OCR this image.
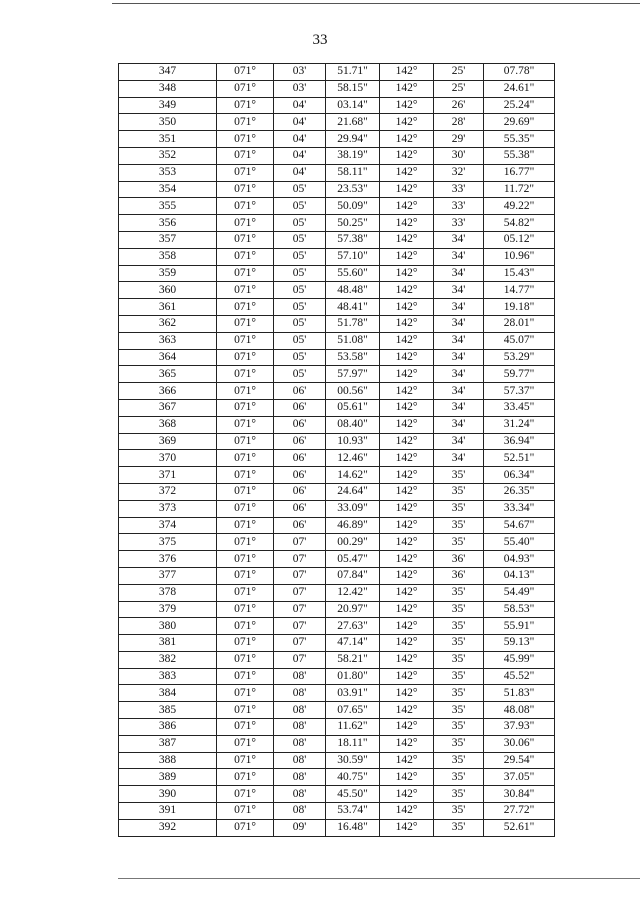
33
347	071°	03'	51.71"	142°	25'	07.78"
348	071°	03'	58.15"	142°	25'	24.61"
349	071°	04'	03.14"	142°	26'	25.24"
350	071°	04'	21.68"	142°	28'	29.69"
351	071°	04'	29.94"	142°	29'	55.35"
352	071°	04'	38.19"	142°	30'	55.38"
353	071°	04'	58.11"	142°	32'	16.77"
354	071°	05'	23.53"	142°	33'	11.72"
355	071°	05'	50.09"	142°	33'	49.22"
356	071°	05'	50.25"	142°	33'	54.82"
357	071°	05'	57.38"	142°	34'	05.12"
358	071°	05'	57.10"	142°	34'	10.96"
359	071°	05'	55.60"	142°	34'	15.43"
360	071°	05'	48.48"	142°	34'	14.77"
361	071°	05'	48.41"	142°	34'	19.18"
362	071°	05'	51.78"	142°	34'	28.01"
363	071°	05'	51.08"	142°	34'	45.07"
364	071°	05'	53.58"	142°	34'	53.29"
365	071°	05'	57.97"	142°	34'	59.77"
366	071°	06'	00.56"	142°	34'	57.37"
367	071°	06'	05.61"	142°	34'	33.45"
368	071°	06'	08.40"	142°	34'	31.24"
369	071°	06'	10.93"	142°	34'	36.94"
370	071°	06'	12.46"	142°	34'	52.51"
371	071°	06'	14.62"	142°	35'	06.34"
372	071°	06'	24.64"	142°	35'	26.35"
373	071°	06'	33.09"	142°	35'	33.34"
374	071°	06'	46.89"	142°	35'	54.67"
375	071°	07'	00.29"	142°	35'	55.40"
376	071°	07'	05.47"	142°	36'	04.93"
377	071°	07'	07.84"	142°	36'	04.13"
378	071°	07'	12.42"	142°	35'	54.49"
379	071°	07'	20.97"	142°	35'	58.53"
380	071°	07'	27.63"	142°	35'	55.91"
381	071°	07'	47.14"	142°	35'	59.13"
382	071°	07'	58.21"	142°	35'	45.99"
383	071°	08'	01.80"	142°	35'	45.52"
384	071°	08'	03.91"	142°	35'	51.83"
385	071°	08'	07.65"	142°	35'	48.08"
386	071°	08'	11.62"	142°	35'	37.93"
387	071°	08'	18.11"	142°	35'	30.06"
388	071°	08'	30.59"	142°	35'	29.54"
389	071°	08'	40.75"	142°	35'	37.05"
390	071°	08'	45.50"	142°	35'	30.84"
391	071°	08'	53.74"	142°	35'	27.72"
392	071°	09'	16.48"	142°	35'	52.61"
